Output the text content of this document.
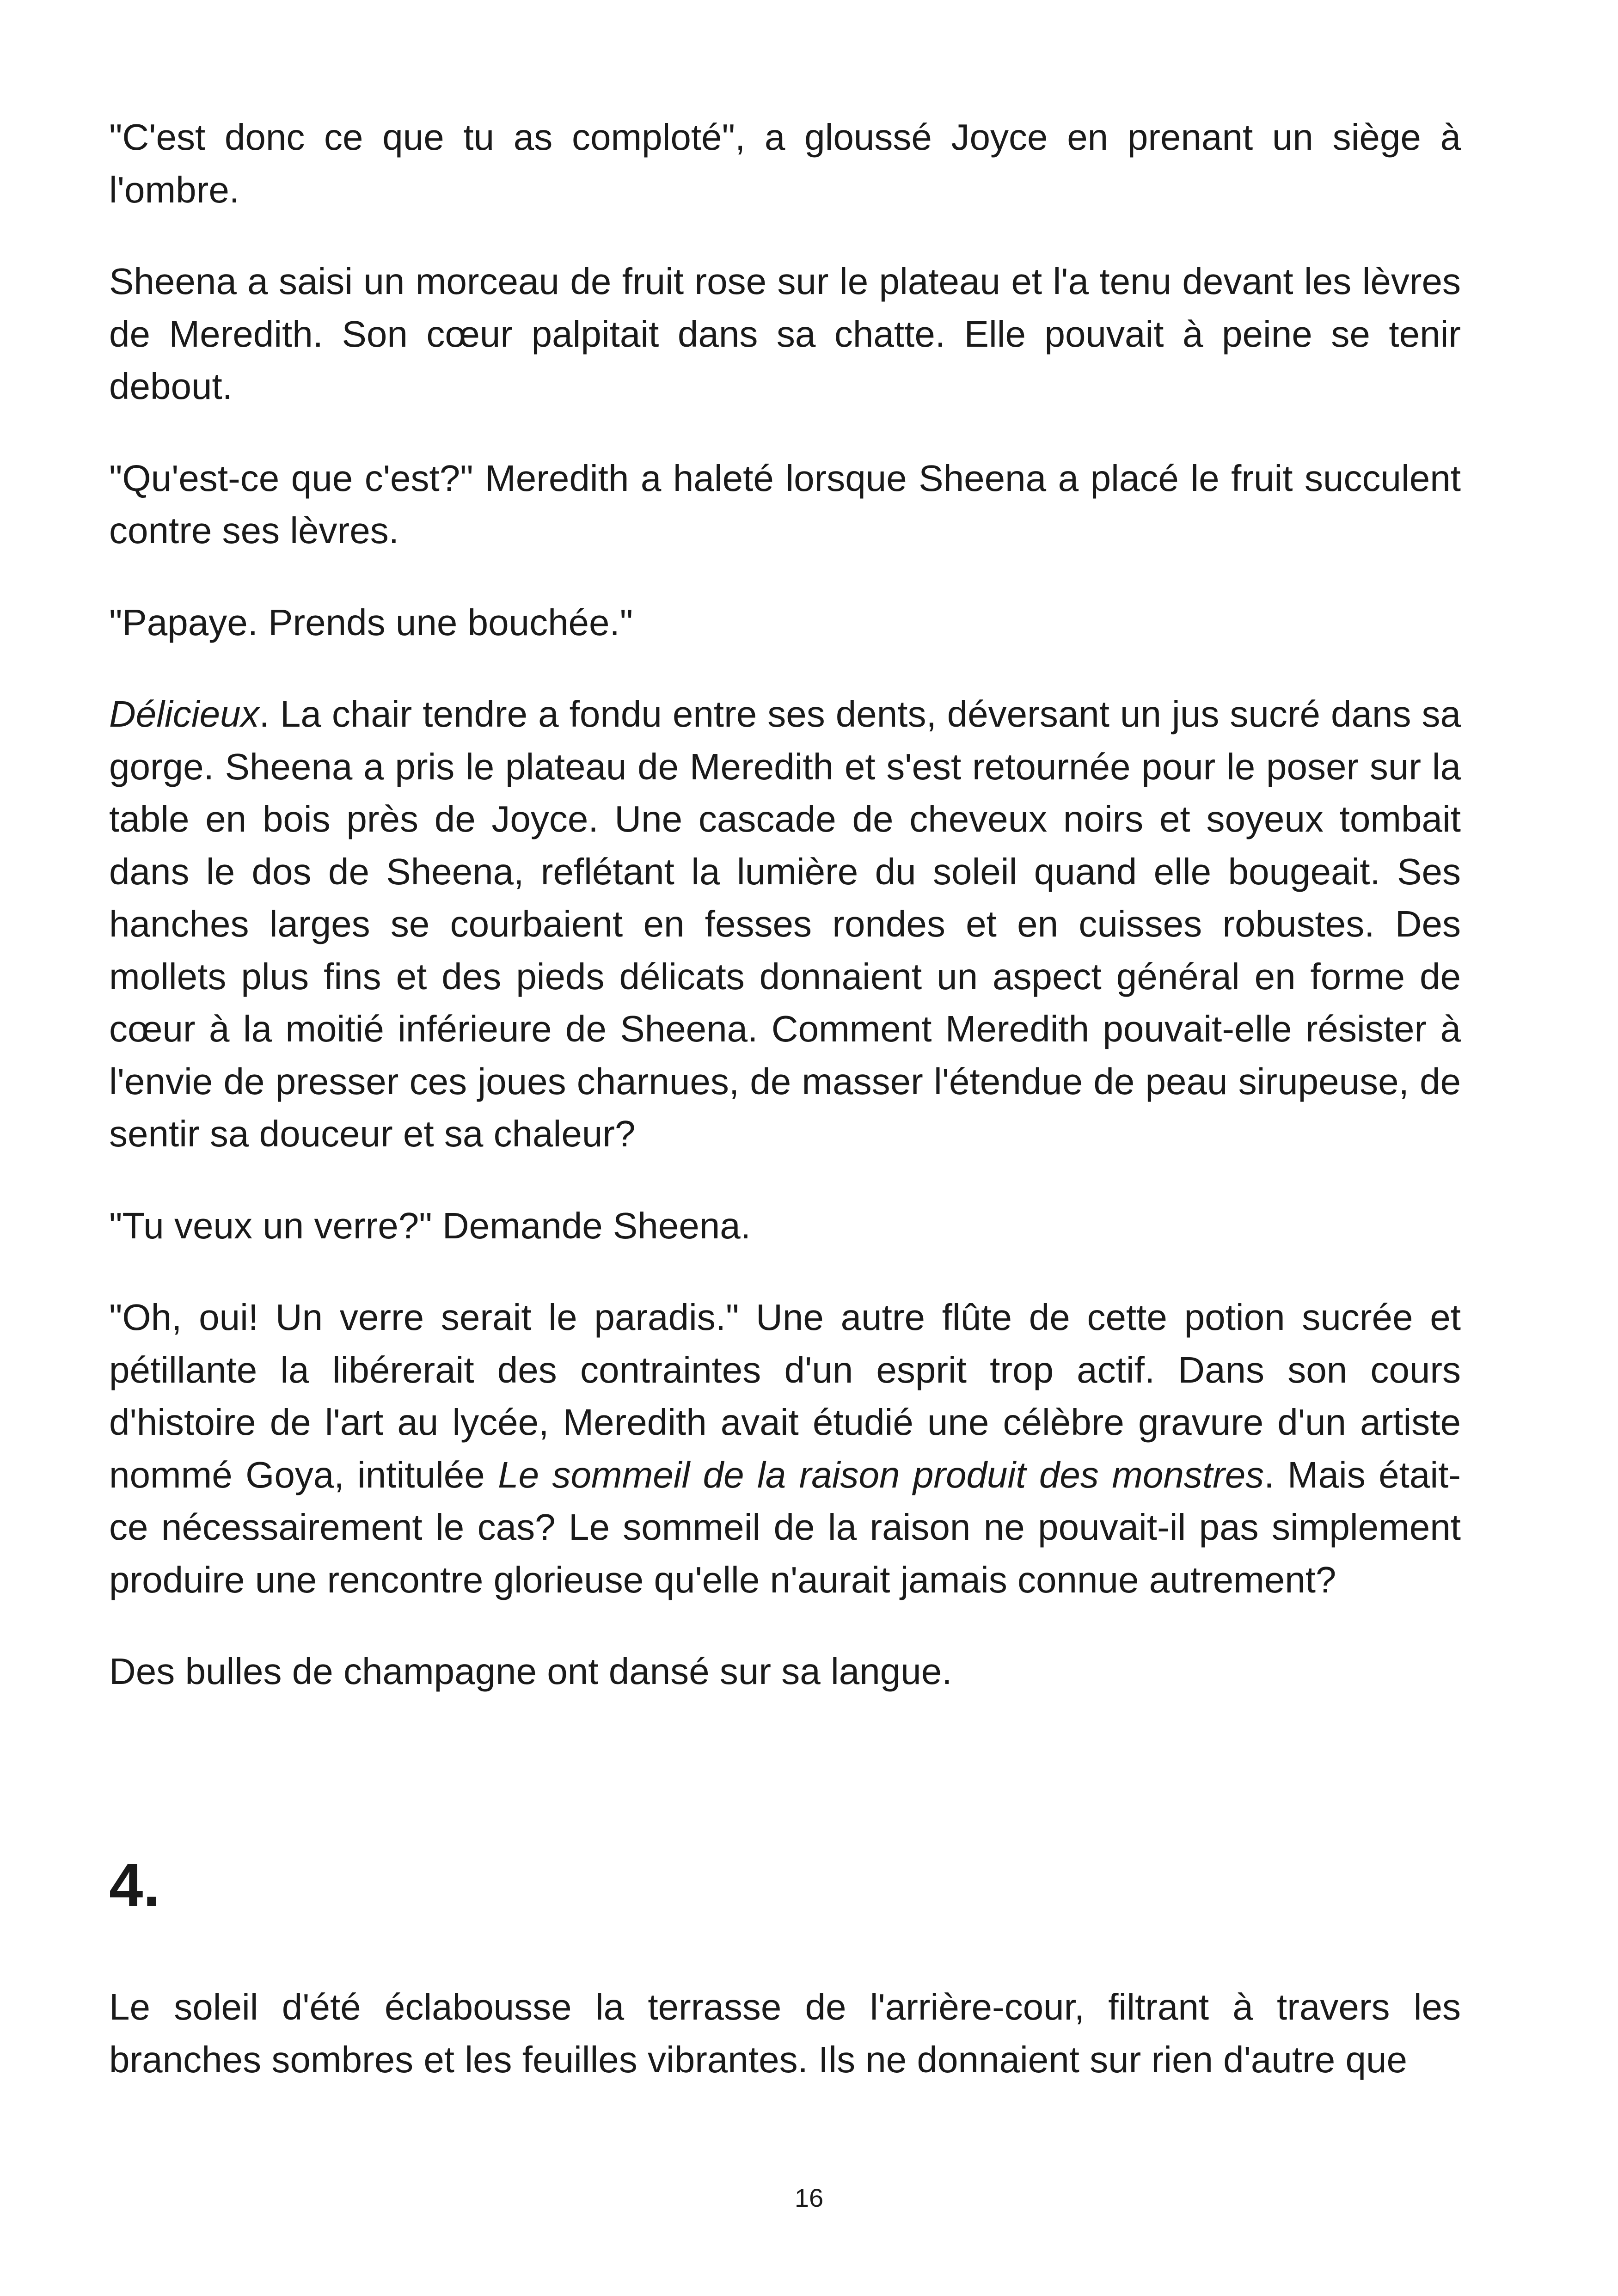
"C'est donc ce que tu as comploté", a gloussé Joyce en prenant un siège à l'ombre.

Sheena a saisi un morceau de fruit rose sur le plateau et l'a tenu devant les lèvres de Meredith. Son cœur palpitait dans sa chatte. Elle pouvait à peine se tenir debout.

"Qu'est-ce que c'est?" Meredith a haleté lorsque Sheena a placé le fruit succulent contre ses lèvres.

"Papaye. Prends une bouchée."

Délicieux. La chair tendre a fondu entre ses dents, déversant un jus sucré dans sa gorge. Sheena a pris le plateau de Meredith et s'est retournée pour le poser sur la table en bois près de Joyce. Une cascade de cheveux noirs et soyeux tombait dans le dos de Sheena, reflétant la lumière du soleil quand elle bougeait. Ses hanches larges se courbaient en fesses rondes et en cuisses robustes. Des mollets plus fins et des pieds délicats donnaient un aspect général en forme de cœur à la moitié inférieure de Sheena. Comment Meredith pouvait-elle résister à l'envie de presser ces joues charnues, de masser l'étendue de peau sirupeuse, de sentir sa douceur et sa chaleur?

"Tu veux un verre?" Demande Sheena.

"Oh, oui! Un verre serait le paradis." Une autre flûte de cette potion sucrée et pétillante la libérerait des contraintes d'un esprit trop actif. Dans son cours d'histoire de l'art au lycée, Meredith avait étudié une célèbre gravure d'un artiste nommé Goya, intitulée Le sommeil de la raison produit des monstres. Mais était-ce nécessairement le cas? Le sommeil de la raison ne pouvait-il pas simplement produire une rencontre glorieuse qu'elle n'aurait jamais connue autrement?

Des bulles de champagne ont dansé sur sa langue.

4.

Le soleil d'été éclabousse la terrasse de l'arrière-cour, filtrant à travers les branches sombres et les feuilles vibrantes. Ils ne donnaient sur rien d'autre que

16
